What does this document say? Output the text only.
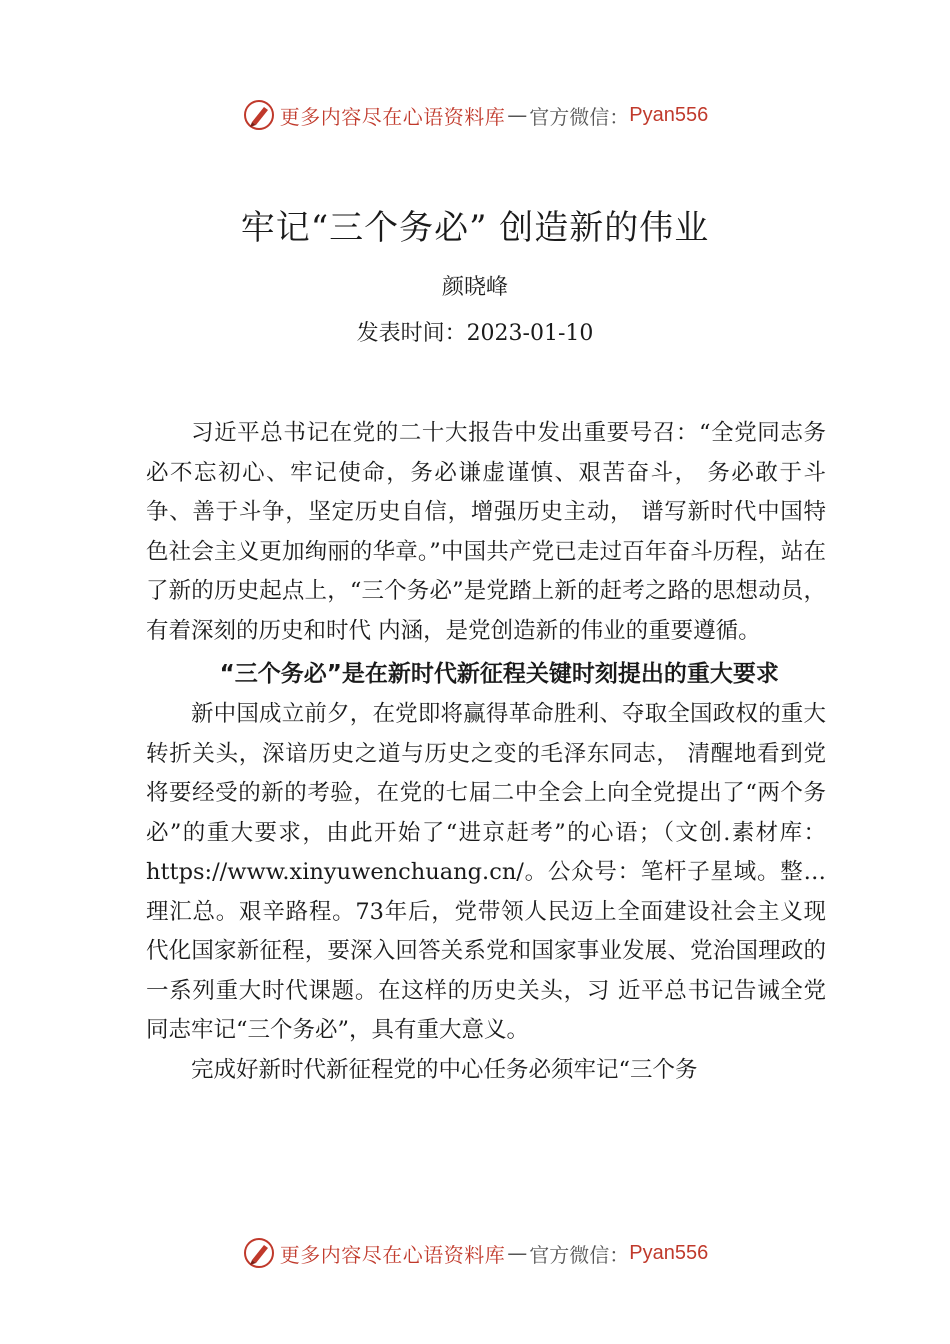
更多内容尽在心语资料库 — 官方微信： Pyan556
牢记“三个务必” 创造新的伟业
颜晓峰
发表时间：2023-01-10

习近平总书记在党的二十大报告中发出重要号召：“全党同志务必不忘初心、牢记使命，务必谦虚谨慎、艰苦奋斗， 务必敢于斗争、善于斗争，坚定历史自信，增强历史主动， 谱写新时代中国特色社会主义更加绚丽的华章。”中国共产党已走过百年奋斗历程，站在了新的历史起点上，“三个务必”是党踏上新的赶考之路的思想动员，有着深刻的历史和时代 内涵，是党创造新的伟业的重要遵循。

“三个务必”是在新时代新征程关键时刻提出的重大要求

新中国成立前夕，在党即将赢得革命胜利、夺取全国政权的重大转折关头，深谙历史之道与历史之变的毛泽东同志， 清醒地看到党将要经受的新的考验，在党的七届二中全会上向全党提出了“两个务必”的重大要求，由此开始了“进京赶考”的心语；（文创.素材库：https://www.xinyuwenchuang.cn/。公众号：笔杆子星域。整…理汇总。艰辛路程。73年后，党带领人民迈上全面建设社会主义现代化国家新征程，要深入回答关系党和国家事业发展、党治国理政的一系列重大时代课题。在这样的历史关头，习 近平总书记告诫全党同志牢记“三个务必”，具有重大意义。

完成好新时代新征程党的中心任务必须牢记“三个务

更多内容尽在心语资料库 — 官方微信： Pyan556
